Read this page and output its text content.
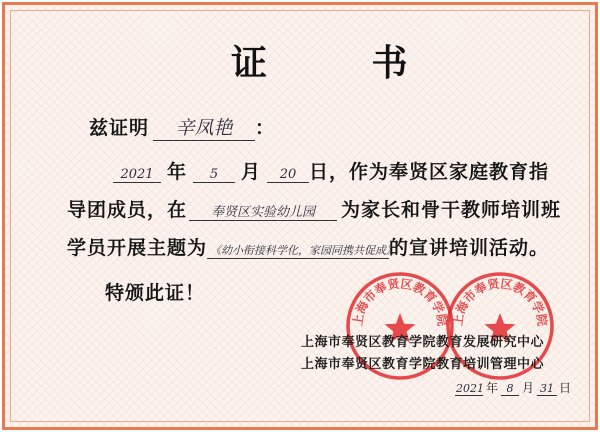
证 书
兹证明 辛凤艳 ：
2021 年 5 月 20 日，作为奉贤区家庭教育指
导团成员，在 奉贤区实验幼儿园 为家长和骨干教师培训班
学员开展主题为 《幼小衔接科学化，家园同携共促成》的宣讲培训活动。
特颁此证！
上海市奉贤区教育学院 上海市奉贤区教育学院
上海市奉贤区教育学院教育发展研究中心
上海市奉贤区教育学院教育培训管理中心
2021 年 8 月 31 日
